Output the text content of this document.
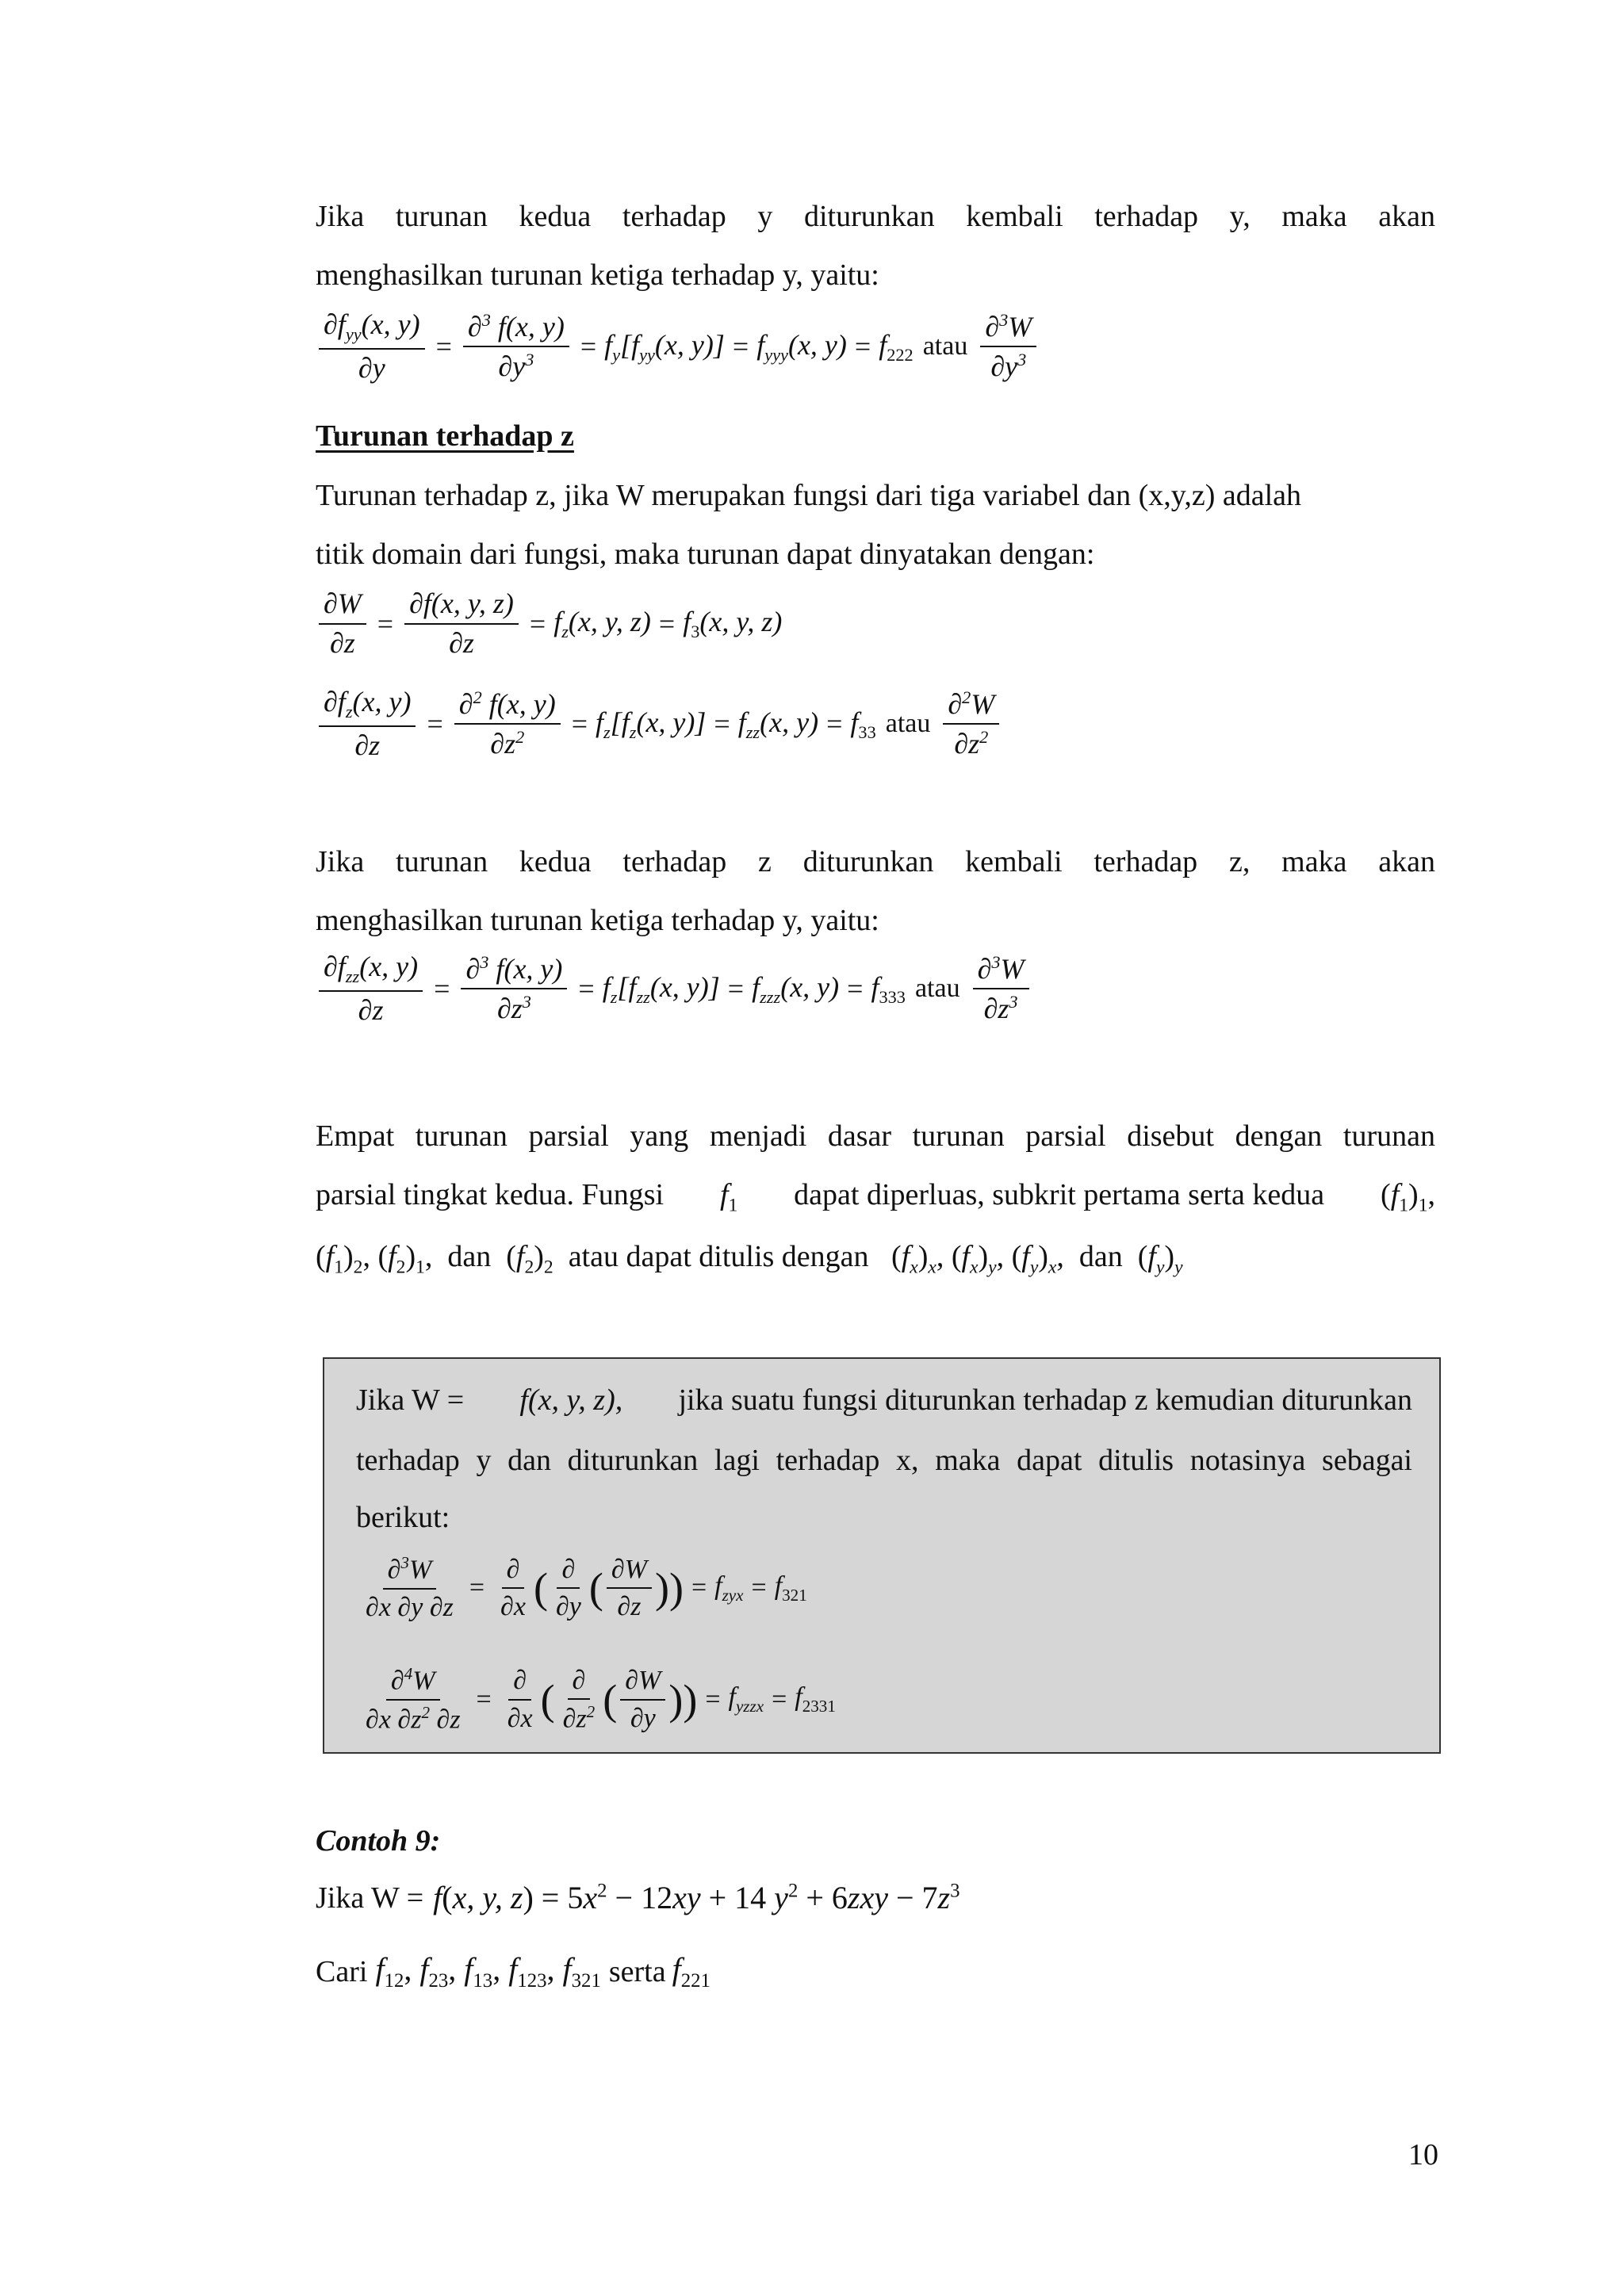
Jika turunan kedua terhadap y diturunkan kembali terhadap y, maka akan
menghasilkan turunan ketiga terhadap y, yaitu:
$\frac{\partial f_{yy}(x, y)}{\partial y} = \frac{\partial^3 f(x, y)}{\partial y^3} = f_y[f_{yy}(x$, $y)] = f_{yyy}(x$, $y) = f_{222}$ atau $\frac{\partial^3W}{\partial y^3}$
Turunan terhadap z
Turunan terhadap z, jika W merupakan fungsi dari tiga variabel dan (x,y,z) adalah
titik domain dari fungsi, maka turunan dapat dinyatakan dengan:
$\frac{\partial W}{\partial z} = \frac{\partial f(x, y, z)}{\partial z} = f_z(x$, y, $z) = f_3(x$, y, z)
$\frac{\partial f_z(x, y)}{\partial z} = \frac{\partial^2 f(x, y)}{\partial z^2} = f_z[f_z(x$, $y)] = f_{zz}(x$, $y) = f_{33}$ atau $\frac{\partial^2W}{\partial z^2}$
Jika turunan kedua terhadap z diturunkan kembali terhadap z, maka akan
menghasilkan turunan ketiga terhadap y, yaitu:
$\frac{\partial f_{zz}(x, y)}{\partial z} = \frac{\partial^3 f(x, y)}{\partial z^3} = f_z[f_{zz}(x$, $y)] = f_{zzz}(x$, $y) = f_{333}$ atau $\frac{\partial^3W}{\partial z^3}$
Empat turunan parsial yang menjadi dasar turunan parsial disebut dengan turunan
parsial tingkat kedua. Fungsi $f_1$ dapat diperluas, subkrit pertama serta kedua $(f_1)_1$,
$(f_1)_2$, $(f_2)_1$,  dan  $(f_2)_2$ atau dapat ditulis dengan   $(f_x)_x$, $(f_x)_y$, $(f_y)_x$,  dan  $(f_y)_y$
Jika W = f(x, y, z), jika suatu fungsi diturunkan terhadap z kemudian diturunkan
terhadap y dan diturunkan lagi terhadap x, maka dapat ditulis notasinya sebagai
berikut:
$\frac{\partial^3W}{\partial x \partial y \partial z} = \frac{\partial}{\partial x}$ ( $\frac{\partial}{\partial y}$ ( $\frac{\partial W}{\partial z}$ )) = $f_{zyx} = f_{321}$
$\frac{\partial^4W}{\partial x \partial z^2 \partial z} = \frac{\partial}{\partial x}$ ( $\frac{\partial}{\partial z^2}$ ( $\frac{\partial W}{\partial y}$ )) = $f_{yzzx} = f_{2331}$
Contoh 9:
Jika W = f(x, y, $z) = 5x^2 - 12xy + 14$ $y^2 + 6zxy - 7z^3$
Cari $f_{12}$, $f_{23}$, $f_{13}$, $f_{123}$, $f_{321}$ serta $f_{221}$
10
